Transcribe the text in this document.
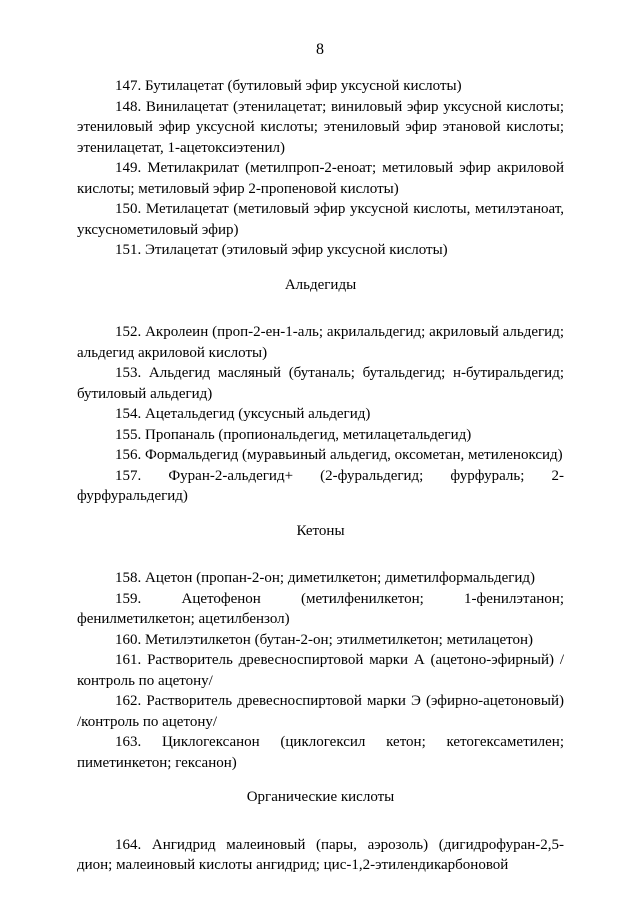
8

147. Бутилацетат (бутиловый эфир уксусной кислоты)

148. Винилацетат (этенилацетат; виниловый эфир уксусной кислоты; этениловый эфир уксусной кислоты; этениловый эфир этановой кислоты; этенилацетат, 1-ацетоксиэтенил)

149. Метилакрилат (метилпроп-2-еноат; метиловый эфир акриловой кислоты; метиловый эфир 2-пропеновой кислоты)

150. Метилацетат (метиловый эфир уксусной кислоты, метилэтаноат, уксуснометиловый эфир)

151. Этилацетат (этиловый эфир уксусной кислоты)

Альдегиды

152. Акролеин (проп-2-ен-1-аль; акрилальдегид; акриловый альдегид; альдегид акриловой кислоты)

153. Альдегид масляный (бутаналь; бутальдегид; н-бутиральдегид; бутиловый альдегид)

154. Ацетальдегид (уксусный альдегид)

155. Пропаналь (пропиональдегид, метилацетальдегид)

156. Формальдегид (муравьиный альдегид, оксометан, метиленоксид)

157. Фуран-2-альдегид+ (2-фуральдегид; фурфураль; 2-фурфуральдегид)

Кетоны

158. Ацетон (пропан-2-он; диметилкетон; диметилформальдегид)

159. Ацетофенон (метилфенилкетон; 1-фенилэтанон; фенилметилкетон; ацетилбензол)

160. Метилэтилкетон (бутан-2-он; этилметилкетон; метилацетон)

161. Растворитель древесноспиртовой марки А (ацетоно-эфирный) /контроль по ацетону/

162. Растворитель древесноспиртовой марки Э (эфирно-ацетоновый) /контроль по ацетону/

163. Циклогексанон (циклогексил кетон; кетогексаметилен; пиметинкетон; гексанон)

Органические кислоты

164. Ангидрид малеиновый (пары, аэрозоль) (дигидрофуран-2,5-дион; малеиновый кислоты ангидрид; цис-1,2-этилендикарбоновой
